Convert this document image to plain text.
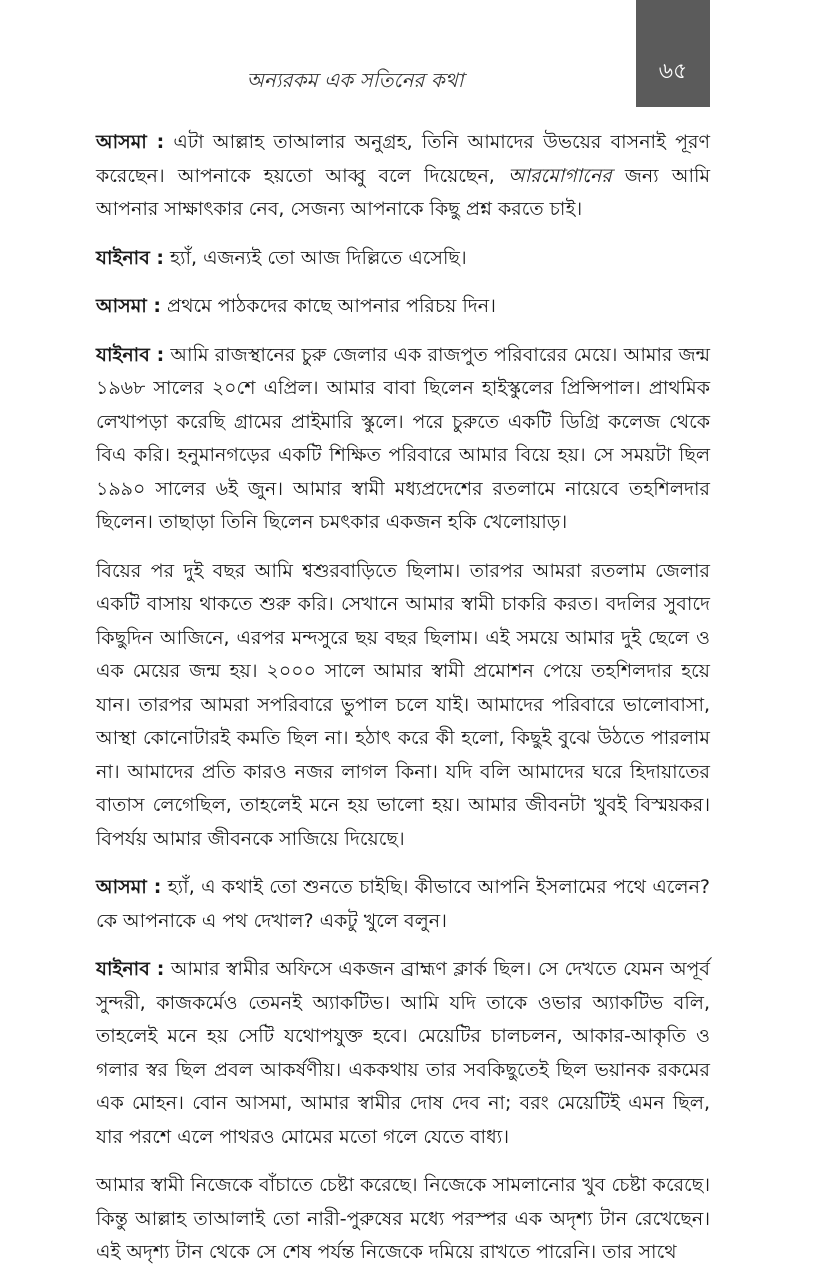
অন্যরকম এক সতিনের কথা	৬৫

আসমা : এটা আল্লাহ তাআলার অনুগ্রহ, তিনি আমাদের উভয়ের বাসনাই পূরণ করেছেন। আপনাকে হয়তো আব্বু বলে দিয়েছেন, আরমোগানের জন্য আমি আপনার সাক্ষাৎকার নেব, সেজন্য আপনাকে কিছু প্রশ্ন করতে চাই।

যাইনাব : হ্যাঁ, এজন্যই তো আজ দিল্লিতে এসেছি।

আসমা : প্রথমে পাঠকদের কাছে আপনার পরিচয় দিন।

যাইনাব : আমি রাজস্থানের চুরু জেলার এক রাজপুত পরিবারের মেয়ে। আমার জন্ম ১৯৬৮ সালের ২০শে এপ্রিল। আমার বাবা ছিলেন হাইস্কুলের প্রিন্সিপাল। প্রাথমিক লেখাপড়া করেছি গ্রামের প্রাইমারি স্কুলে। পরে চুরুতে একটি ডিগ্রি কলেজ থেকে বিএ করি। হনুমানগড়ের একটি শিক্ষিত পরিবারে আমার বিয়ে হয়। সে সময়টা ছিল ১৯৯০ সালের ৬ই জুন। আমার স্বামী মধ্যপ্রদেশের রতলামে নায়েবে তহশিলদার ছিলেন। তাছাড়া তিনি ছিলেন চমৎকার একজন হকি খেলোয়াড়।

বিয়ের পর দুই বছর আমি শ্বশুরবাড়িতে ছিলাম। তারপর আমরা রতলাম জেলার একটি বাসায় থাকতে শুরু করি। সেখানে আমার স্বামী চাকরি করত। বদলির সুবাদে কিছুদিন আজিনে, এরপর মন্দসুরে ছয় বছর ছিলাম। এই সময়ে আমার দুই ছেলে ও এক মেয়ের জন্ম হয়। ২০০০ সালে আমার স্বামী প্রমোশন পেয়ে তহশিলদার হয়ে যান। তারপর আমরা সপরিবারে ভুপাল চলে যাই। আমাদের পরিবারে ভালোবাসা, আস্থা কোনোটারই কমতি ছিল না। হঠাৎ করে কী হলো, কিছুই বুঝে উঠতে পারলাম না। আমাদের প্রতি কারও নজর লাগল কিনা। যদি বলি আমাদের ঘরে হিদায়াতের বাতাস লেগেছিল, তাহলেই মনে হয় ভালো হয়। আমার জীবনটা খুবই বিস্ময়কর। বিপর্যয় আমার জীবনকে সাজিয়ে দিয়েছে।

আসমা : হ্যাঁ, এ কথাই তো শুনতে চাইছি। কীভাবে আপনি ইসলামের পথে এলেন? কে আপনাকে এ পথ দেখাল? একটু খুলে বলুন।

যাইনাব : আমার স্বামীর অফিসে একজন ব্রাহ্মণ ক্লার্ক ছিল। সে দেখতে যেমন অপূর্ব সুন্দরী, কাজকর্মেও তেমনই অ্যাকটিভ। আমি যদি তাকে ওভার অ্যাকটিভ বলি, তাহলেই মনে হয় সেটি যথোপযুক্ত হবে। মেয়েটির চালচলন, আকার-আকৃতি ও গলার স্বর ছিল প্রবল আকর্ষণীয়। এককথায় তার সবকিছুতেই ছিল ভয়ানক রকমের এক মোহন। বোন আসমা, আমার স্বামীর দোষ দেব না; বরং মেয়েটিই এমন ছিল, যার পরশে এলে পাথরও মোমের মতো গলে যেতে বাধ্য।

আমার স্বামী নিজেকে বাঁচাতে চেষ্টা করেছে। নিজেকে সামলানোর খুব চেষ্টা করেছে। কিন্তু আল্লাহ তাআলাই তো নারী-পুরুষের মধ্যে পরস্পর এক অদৃশ্য টান রেখেছেন। এই অদৃশ্য টান থেকে সে শেষ পর্যন্ত নিজেকে দমিয়ে রাখতে পারেনি। তার সাথে
